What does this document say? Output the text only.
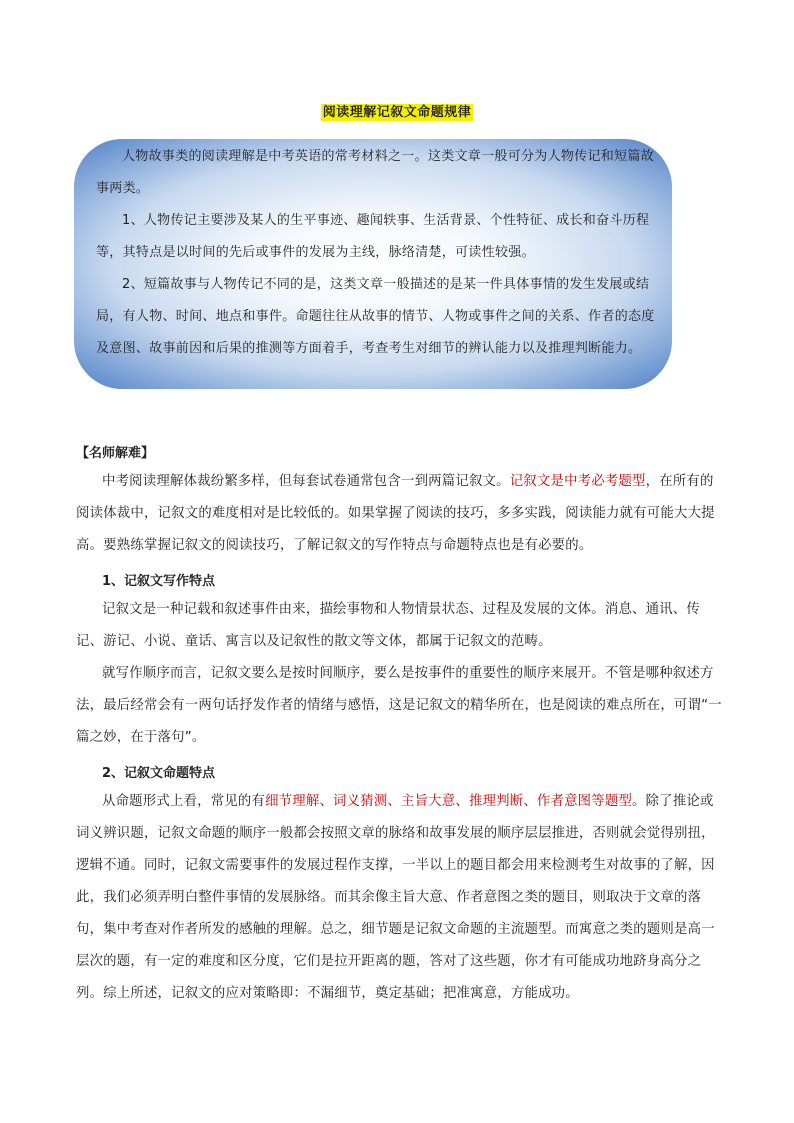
阅读理解记叙文命题规律

人物故事类的阅读理解是中考英语的常考材料之一。这类文章一般可分为人物传记和短篇故事两类。

1、人物传记主要涉及某人的生平事迹、趣闻轶事、生活背景、个性特征、成长和奋斗历程等，其特点是以时间的先后或事件的发展为主线，脉络清楚，可读性较强。

2、短篇故事与人物传记不同的是，这类文章一般描述的是某一件具体事情的发生发展或结局，有人物、时间、地点和事件。命题往往从故事的情节、人物或事件之间的关系、作者的态度及意图、故事前因和后果的推测等方面着手，考查考生对细节的辨认能力以及推理判断能力。

【名师解难】

中考阅读理解体裁纷繁多样，但每套试卷通常包含一到两篇记叙文。记叙文是中考必考题型，在所有的阅读体裁中，记叙文的难度相对是比较低的。如果掌握了阅读的技巧，多多实践，阅读能力就有可能大大提高。要熟练掌握记叙文的阅读技巧，了解记叙文的写作特点与命题特点也是有必要的。

1、记叙文写作特点

记叙文是一种记载和叙述事件由来，描绘事物和人物情景状态、过程及发展的文体。消息、通讯、传记、游记、小说、童话、寓言以及记叙性的散文等文体，都属于记叙文的范畴。

就写作顺序而言，记叙文要么是按时间顺序，要么是按事件的重要性的顺序来展开。不管是哪种叙述方法，最后经常会有一两句话抒发作者的情绪与感悟，这是记叙文的精华所在，也是阅读的难点所在，可谓“一篇之妙，在于落句”。

2、记叙文命题特点

从命题形式上看，常见的有细节理解、词义猜测、主旨大意、推理判断、作者意图等题型。除了推论或词义辨识题，记叙文命题的顺序一般都会按照文章的脉络和故事发展的顺序层层推进，否则就会觉得别扭，逻辑不通。同时，记叙文需要事件的发展过程作支撑，一半以上的题目都会用来检测考生对故事的了解，因此，我们必须弄明白整件事情的发展脉络。而其余像主旨大意、作者意图之类的题目，则取决于文章的落句，集中考查对作者所发的感触的理解。总之，细节题是记叙文命题的主流题型。而寓意之类的题则是高一层次的题，有一定的难度和区分度，它们是拉开距离的题，答对了这些题，你才有可能成功地跻身高分之列。综上所述，记叙文的应对策略即：不漏细节，奠定基础；把准寓意，方能成功。
